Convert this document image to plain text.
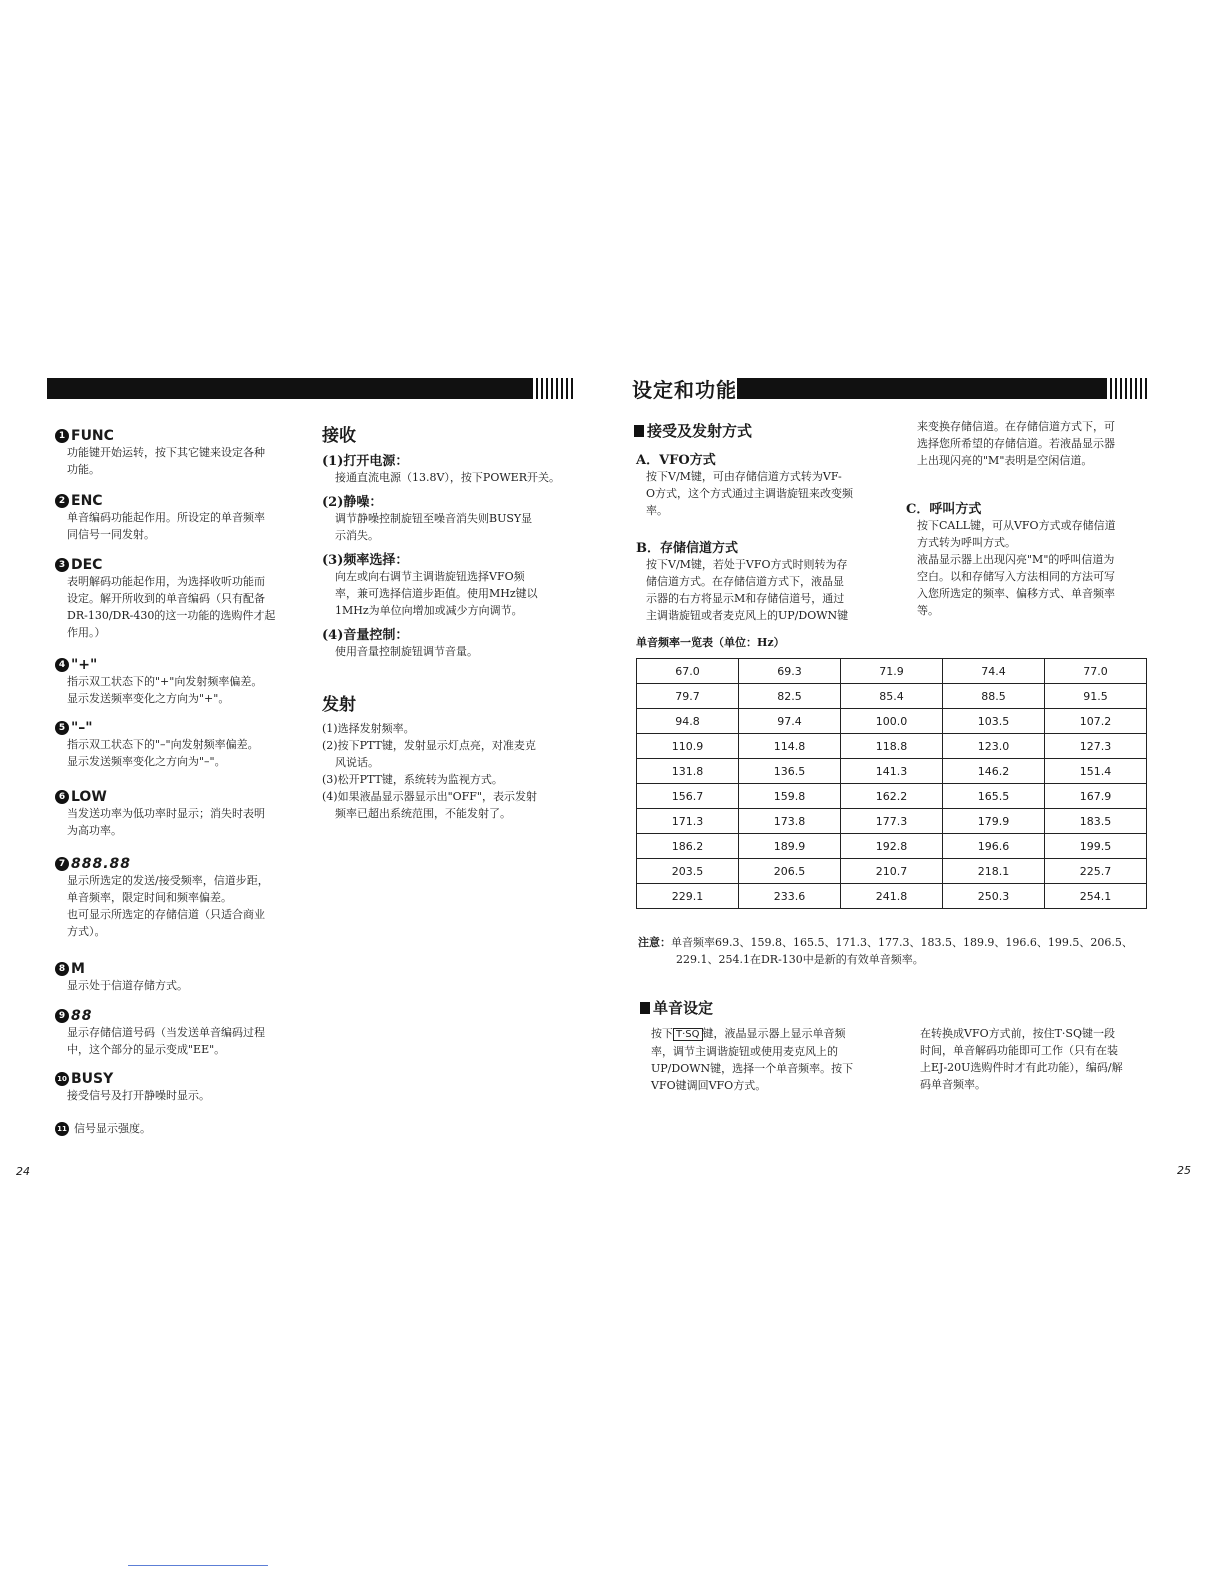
设定和功能
1 FUNC
功能键开始运转，按下其它键来设定各种
功能。
2 ENC
单音编码功能起作用。所设定的单音频率
同信号一同发射。
3 DEC
表明解码功能起作用，为选择收听功能而
设定。解开所收到的单音编码（只有配备
DR-130/DR-430的这一功能的选购件才起
作用。）
4 "+"
指示双工状态下的"+"向发射频率偏差。
显示发送频率变化之方向为"+"。
5 "–"
指示双工状态下的"–"向发射频率偏差。
显示发送频率变化之方向为"–"。
6 LOW
当发送功率为低功率时显示；消失时表明
为高功率。
7 888.88
显示所选定的发送/接受频率，信道步距，
单音频率，限定时间和频率偏差。
也可显示所选定的存储信道（只适合商业
方式）。
8 M
显示处于信道存储方式。
9 88
显示存储信道号码（当发送单音编码过程
中，这个部分的显示变成"EE"。
10 BUSY
接受信号及打开静噪时显示。
11 信号显示强度。
接收
(1)打开电源：
接通直流电源（13.8V），按下POWER开关。
(2)静噪：
调节静噪控制旋钮至噪音消失则BUSY显
示消失。
(3)频率选择：
向左或向右调节主调谐旋钮选择VFO频
率，兼可选择信道步距值。使用MHz键以
1MHz为单位向增加或减少方向调节。
(4)音量控制：
使用音量控制旋钮调节音量。
发射
(1)选择发射频率。
(2)按下PTT键，发射显示灯点亮，对准麦克
风说话。
(3)松开PTT键，系统转为监视方式。
(4)如果液晶显示器显示出"OFF"，表示发射
频率已超出系统范围，不能发射了。
接受及发射方式
A．VFO方式
按下V/M键，可由存储信道方式转为VF-
O方式，这个方式通过主调谐旋钮来改变频
率。
B．存储信道方式
按下V/M键，若处于VFO方式时则转为存
储信道方式。在存储信道方式下，液晶显
示器的右方将显示M和存储信道号，通过
主调谐旋钮或者麦克风上的UP/DOWN键
来变换存储信道。在存储信道方式下，可
选择您所希望的存储信道。若液晶显示器
上出现闪亮的"M"表明是空闲信道。
C．呼叫方式
按下CALL键，可从VFO方式或存储信道
方式转为呼叫方式。
液晶显示器上出现闪亮"M"的呼叫信道为
空白。以和存储写入方法相同的方法可写
入您所选定的频率、偏移方式、单音频率
等。
单音频率一览表（单位：Hz）
67.0	69.3	71.9	74.4	77.0
79.7	82.5	85.4	88.5	91.5
94.8	97.4	100.0	103.5	107.2
110.9	114.8	118.8	123.0	127.3
131.8	136.5	141.3	146.2	151.4
156.7	159.8	162.2	165.5	167.9
171.3	173.8	177.3	179.9	183.5
186.2	189.9	192.8	196.6	199.5
203.5	206.5	210.7	218.1	225.7
229.1	233.6	241.8	250.3	254.1
注意：单音频率69.3、159.8、165.5、171.3、177.3、183.5、189.9、196.6、199.5、206.5、
229.1、254.1在DR-130中是新的有效单音频率。
单音设定
按下 T·SQ 键，液晶显示器上显示单音频
率，调节主调谐旋钮或使用麦克风上的
UP/DOWN键，选择一个单音频率。按下
VFO键调回VFO方式。
在转换成VFO方式前，按住T·SQ键一段
时间，单音解码功能即可工作（只有在装
上EJ-20U选购件时才有此功能），编码/解
码单音频率。
24	25
